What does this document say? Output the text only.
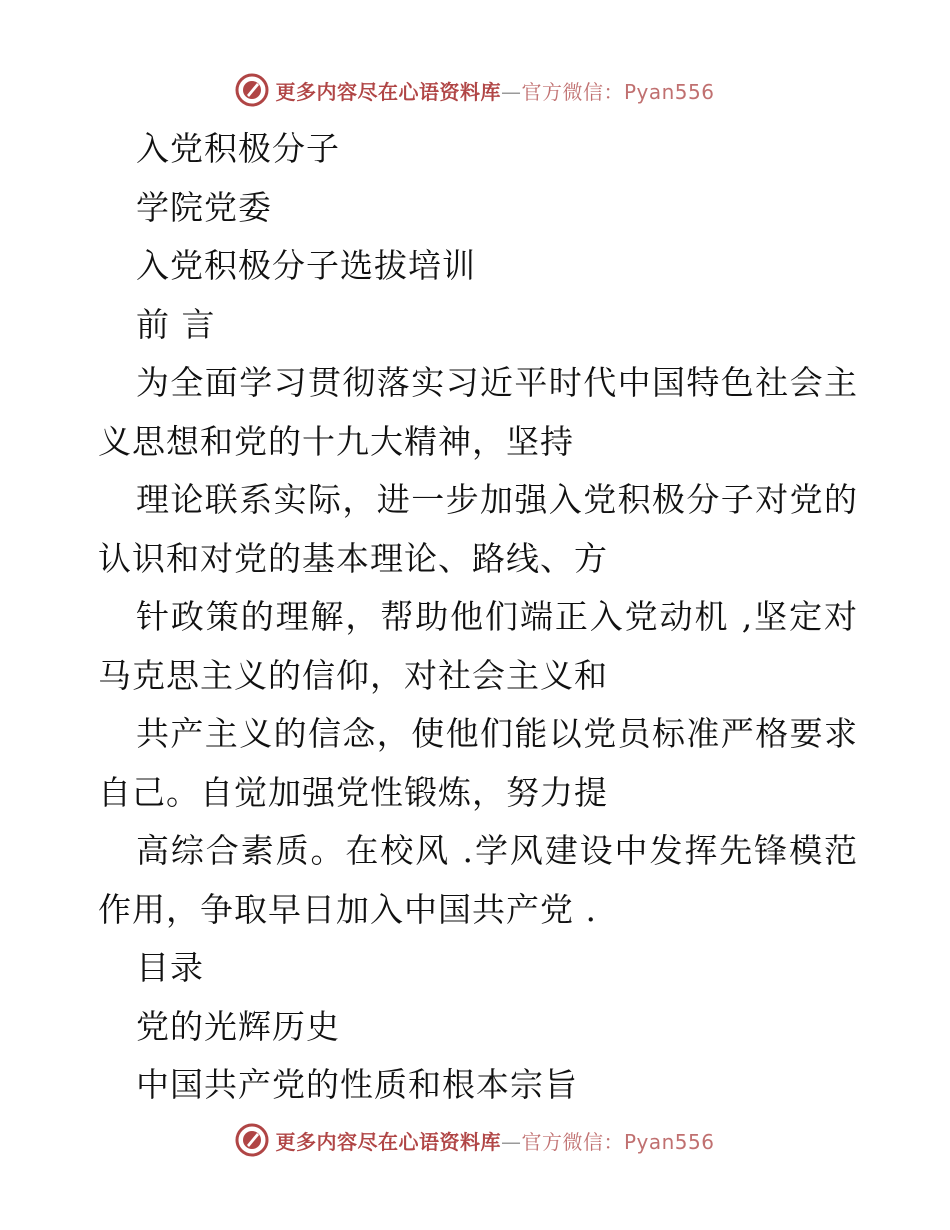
更多内容尽在心语资料库—官方微信：Pyan556
入党积极分子
学院党委
入党积极分子选拔培训
前 言
为全面学习贯彻落实习近平时代中国特色社会主
义思想和党的十九大精神，坚持
理论联系实际，进一步加强入党积极分子对党的
认识和对党的基本理论、路线、方
针政策的理解，帮助他们端正入党动机 ,坚定对
马克思主义的信仰，对社会主义和
共产主义的信念，使他们能以党员标准严格要求
自己。自觉加强党性锻炼，努力提
高综合素质。在校风 .学风建设中发挥先锋模范
作用，争取早日加入中国共产党 .
目录
党的光辉历史
中国共产党的性质和根本宗旨
更多内容尽在心语资料库—官方微信：Pyan556
